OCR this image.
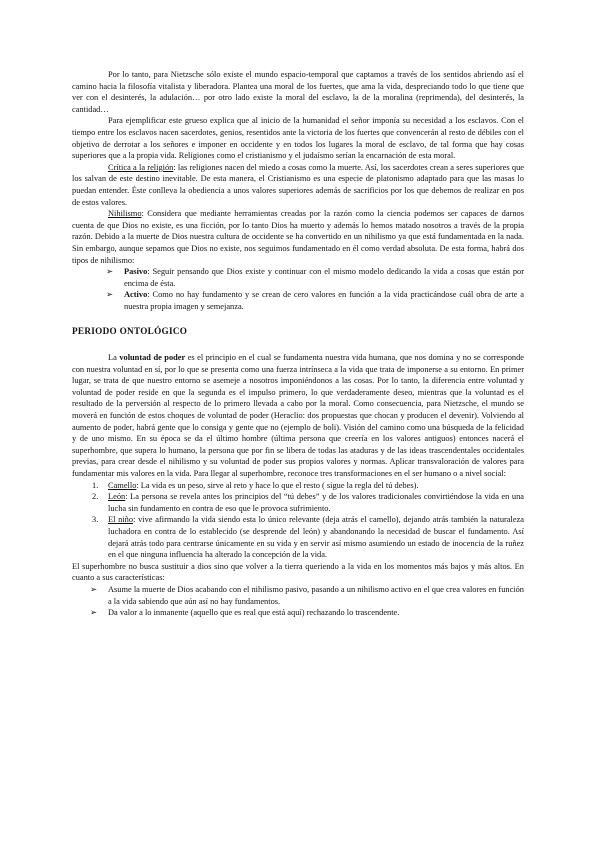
Por lo tanto, para Nietzsche sólo existe el mundo espacio-temporal que captamos a través de los sentidos abriendo así el camino hacia la filosofía vitalista y liberadora. Plantea una moral de los fuertes, que ama la vida, despreciando todo lo que tiene que ver con el desinterés, la adulación… por otro lado existe la moral del esclavo, la de la moralina (reprimenda), del desinterés, la cantidad…

Para ejemplificar este grueso explica que al inicio de la humanidad el señor imponía su necesidad a los esclavos. Con el tiempo entre los esclavos nacen sacerdotes, genios, resentidos ante la victoria de los fuertes que convencerán al resto de débiles con el objetivo de derrotar a los señores e imponer en occidente y en todos los lugares la moral de esclavo, de tal forma que hay cosas superiores que a la propia vida. Religiones como el cristianismo y el judaísmo serían la encarnación de esta moral.

Crítica a la religión: las religiones nacen del miedo a cosas como la muerte. Así, los sacerdotes crean a seres superiores que los salvan de este destino inevitable. De esta manera, el Cristianismo es una especie de platonismo adaptado para que las masas lo puedan entender. Éste conlleva la obediencia a unos valores superiores además de sacrificios por los que debemos de realizar en pos de estos valores.

Nihilismo: Considera que mediante herramientas creadas por la razón como la ciencia podemos ser capaces de darnos cuenta de que Dios no existe, es una ficción, por lo tanto Dios ha muerto y además lo hemos matado nosotros a través de la propia razón. Debido a la muerte de Dios nuestra cultura de occidente se ha convertido en un nihilismo ya que está fundamentada en la nada. Sin embargo, aunque sepamos que Dios no existe, nos seguimos fundamentado en él como verdad absoluta. De esta forma, habrá dos tipos de nihilismo:

➢ Pasivo: Seguir pensando que Dios existe y continuar con el mismo modelo dedicando la vida a cosas que están por encima de ésta.
➢ Activo: Como no hay fundamento y se crean de cero valores en función a la vida practicándose cuál obra de arte a nuestra propia imagen y semejanza.
PERIODO ONTOLÓGICO

La voluntad de poder es el principio en el cual se fundamenta nuestra vida humana, que nos domina y no se corresponde con nuestra voluntad en sí, por lo que se presenta como una fuerza intrínseca a la vida que trata de imponerse a su entorno. En primer lugar, se trata de que nuestro entorno se asemeje a nosotros imponiéndonos a las cosas. Por lo tanto, la diferencia entre voluntad y voluntad de poder reside en que la segunda es el impulso primero, lo que verdaderamente deseo, mientras que la voluntad es el resultado de la perversión al respecto de lo primero llevada a cabo por la moral. Como consecuencia, para Nietzsche, el mundo se moverá en función de estos choques de voluntad de poder (Heraclio: dos propuestas que chocan y producen el devenir). Volviendo al aumento de poder, habrá gente que lo consiga y gente que no (ejemplo de boli). Visión del camino como una búsqueda de la felicidad y de uno mismo. En su época se da el último hombre (última persona que creería en los valores antiguos) entonces nacerá el superhombre, que supera lo humano, la persona que por fin se libera de todas las ataduras y de las ideas trascendentales occidentales previas, para crear desde el nihilismo y su voluntad de poder sus propios valores y normas. Aplicar transvaloración de valores para fundamentar mis valores en la vida. Para llegar al superhombre, reconoce tres transformaciones en el ser humano o a nivel social:

1. Camello: La vida es un peso, sirve al reto y hace lo que el resto ( sigue la regla del tú debes).
2. León: La persona se revela antes los principios del “tú debes” y de los valores tradicionales convirtiéndose la vida en una lucha sin fundamento en contra de eso que le provoca sufrimiento.
3. El niño: vive afirmando la vida siendo esta lo único relevante (deja atrás el camello), dejando atrás también la naturaleza luchadora en contra de lo establecido (se desprende del león) y abandonando la necesidad de buscar el fundamento. Así dejará atrás todo para centrarse únicamente en su vida y en servir así mismo asumiendo un estado de inocencia de la ruñez en el que ninguna influencia ha alterado la concepción de la vida.

El superhombre no busca sustituir a dios sino que volver a la tierra queriendo a la vida en los momentos más bajos y más altos. En cuanto a sus características:

➢ Asume la muerte de Dios acabando con el nihilismo pasivo, pasando a un nihilismo activo en el que crea valores en función a la vida sabiendo que aún así no hay fundamentos.
➢ Da valor a lo inmanente (aquello que es real que está aquí) rechazando lo trascendente.
